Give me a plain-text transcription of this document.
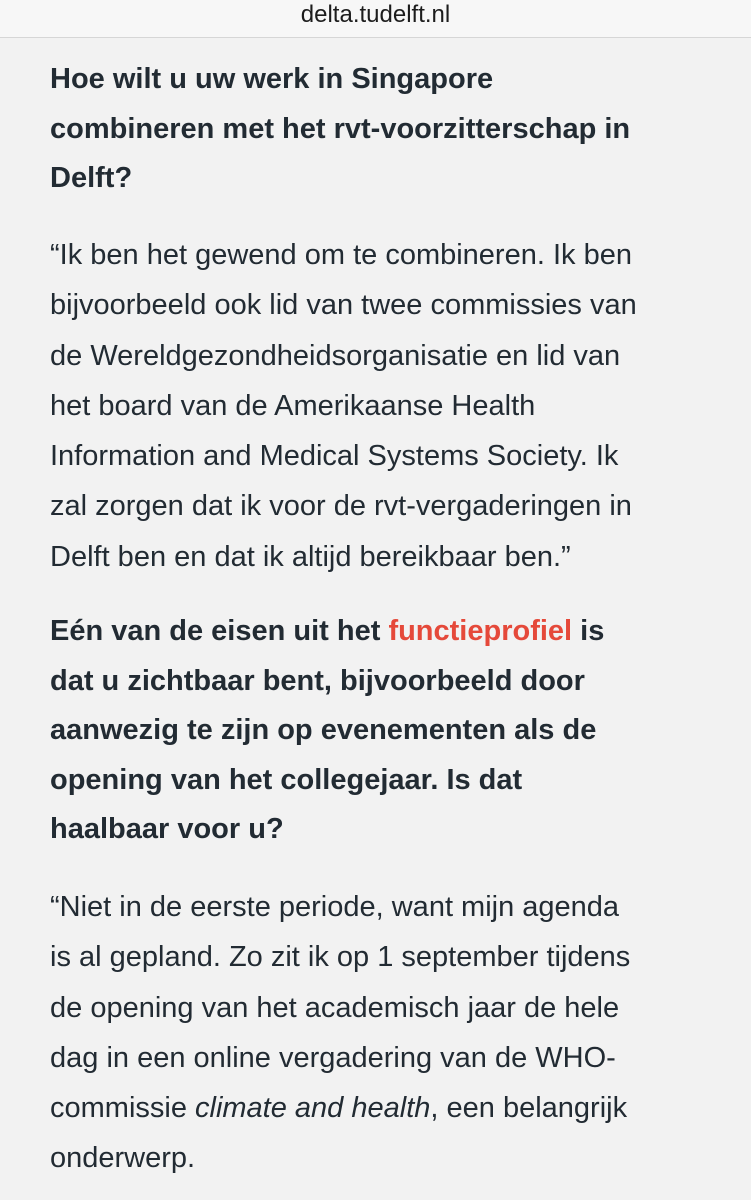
delta.tudelft.nl
Hoe wilt u uw werk in Singapore
combineren met het rvt-voorzitterschap in
Delft?

“Ik ben het gewend om te combineren. Ik ben
bijvoorbeeld ook lid van twee commissies van
de Wereldgezondheidsorganisatie en lid van
het board van de Amerikaanse Health
Information and Medical Systems Society. Ik
zal zorgen dat ik voor de rvt-vergaderingen in
Delft ben en dat ik altijd bereikbaar ben.”

Eén van de eisen uit het functieprofiel is
dat u zichtbaar bent, bijvoorbeeld door
aanwezig te zijn op evenementen als de
opening van het collegejaar. Is dat
haalbaar voor u?

“Niet in de eerste periode, want mijn agenda
is al gepland. Zo zit ik op 1 september tijdens
de opening van het academisch jaar de hele
dag in een online vergadering van de WHO-
commissie climate and health, een belangrijk
onderwerp.
